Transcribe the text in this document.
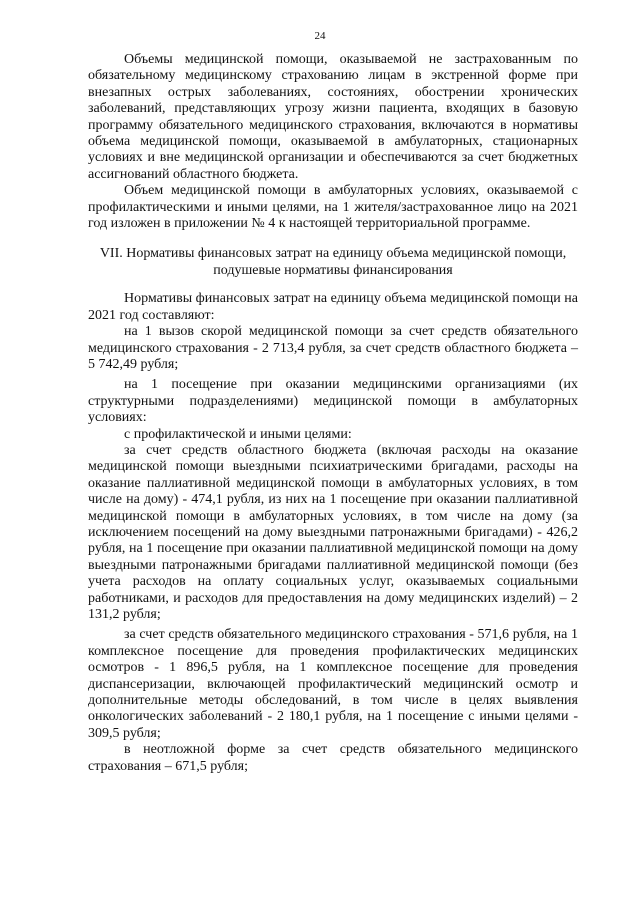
24

Объемы медицинской помощи, оказываемой не застрахованным по обязательному медицинскому страхованию лицам в экстренной форме при внезапных острых заболеваниях, состояниях, обострении хронических заболеваний, представляющих угрозу жизни пациента, входящих в базовую программу обязательного медицинского страхования, включаются в нормативы объема медицинской помощи, оказываемой в амбулаторных, стационарных условиях и вне медицинской организации и обеспечиваются за счет бюджетных ассигнований областного бюджета.

Объем медицинской помощи в амбулаторных условиях, оказываемой с профилактическими и иными целями, на 1 жителя/застрахованное лицо на 2021 год изложен в приложении № 4 к настоящей территориальной программе.

VII. Нормативы финансовых затрат на единицу объема медицинской помощи, подушевые нормативы финансирования

Нормативы финансовых затрат на единицу объема медицинской помощи на 2021 год составляют:

на 1 вызов скорой медицинской помощи за счет средств обязательного медицинского страхования - 2 713,4 рубля, за счет средств областного бюджета – 5 742,49 рубля;

на 1 посещение при оказании медицинскими организациями (их структурными подразделениями) медицинской помощи в амбулаторных условиях:

с профилактической и иными целями:

за счет средств областного бюджета (включая расходы на оказание медицинской помощи выездными психиатрическими бригадами, расходы на оказание паллиативной медицинской помощи в амбулаторных условиях, в том числе на дому) - 474,1 рубля, из них на 1 посещение при оказании паллиативной медицинской помощи в амбулаторных условиях, в том числе на дому (за исключением посещений на дому выездными патронажными бригадами) - 426,2 рубля, на 1 посещение при оказании паллиативной медицинской помощи на дому выездными патронажными бригадами паллиативной медицинской помощи (без учета расходов на оплату социальных услуг, оказываемых социальными работниками, и расходов для предоставления на дому медицинских изделий) – 2 131,2 рубля;

за счет средств обязательного медицинского страхования - 571,6 рубля, на 1 комплексное посещение для проведения профилактических медицинских осмотров - 1 896,5 рубля, на 1 комплексное посещение для проведения диспансеризации, включающей профилактический медицинский осмотр и дополнительные методы обследований, в том числе в целях выявления онкологических заболеваний - 2 180,1 рубля, на 1 посещение с иными целями - 309,5 рубля;

в неотложной форме за счет средств обязательного медицинского страхования – 671,5 рубля;
